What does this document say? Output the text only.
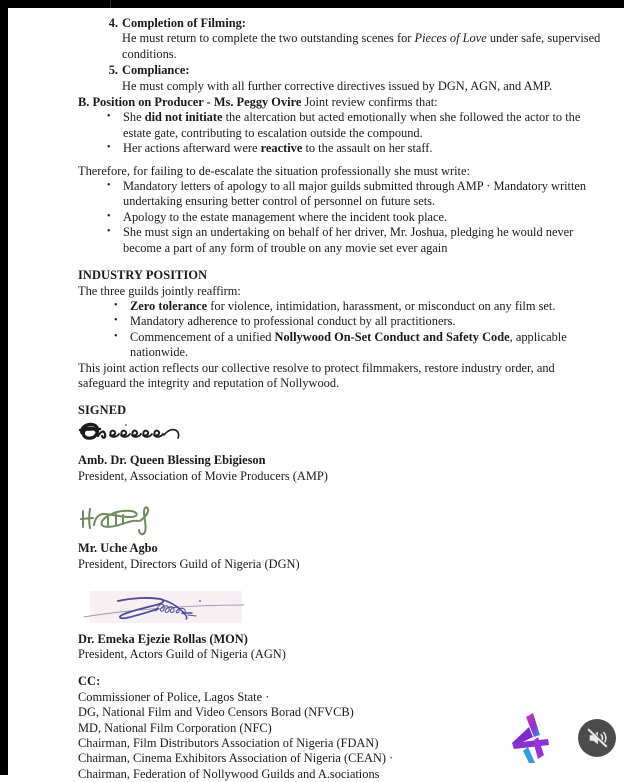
4. Completion of Filming:
He must return to complete the two outstanding scenes for Pieces of Love under safe, supervised conditions.
5. Compliance:
He must comply with all further corrective directives issued by DGN, AGN, and AMP.

B. Position on Producer - Ms. Peggy Ovire Joint review confirms that:

• She did not initiate the altercation but acted emotionally when she followed the actor to the estate gate, contributing to escalation outside the compound.
• Her actions afterward were reactive to the assault on her staff.

Therefore, for failing to de-escalate the situation professionally she must write:

• Mandatory letters of apology to all major guilds submitted through AMP · Mandatory written undertaking ensuring better control of personnel on future sets.
• Apology to the estate management where the incident took place.
• She must sign an undertaking on behalf of her driver, Mr. Joshua, pledging he would never become a part of any form of trouble on any movie set ever again

INDUSTRY POSITION

The three guilds jointly reaffirm:

• Zero tolerance for violence, intimidation, harassment, or misconduct on any film set.
• Mandatory adherence to professional conduct by all practitioners.
• Commencement of a unified Nollywood On-Set Conduct and Safety Code, applicable nationwide.

This joint action reflects our collective resolve to protect filmmakers, restore industry order, and safeguard the integrity and reputation of Nollywood.

SIGNED

Amb. Dr. Queen Blessing Ebigieson

President, Association of Movie Producers (AMP)

Mr. Uche Agbo

President, Directors Guild of Nigeria (DGN)

Dr. Emeka Ejezie Rollas (MON)

President, Actors Guild of Nigeria (AGN)

CC:

Commissioner of Police, Lagos State ·

DG, National Film and Video Censors Borad (NFVCB)

MD, National Film Corporation (NFC)

Chairman, Film Distributors Association of Nigeria (FDAN)

Chairman, Cinema Exhibitors Association of Nigeria (CEAN) ·

Chairman, Federation of Nollywood Guilds and A.sociations
